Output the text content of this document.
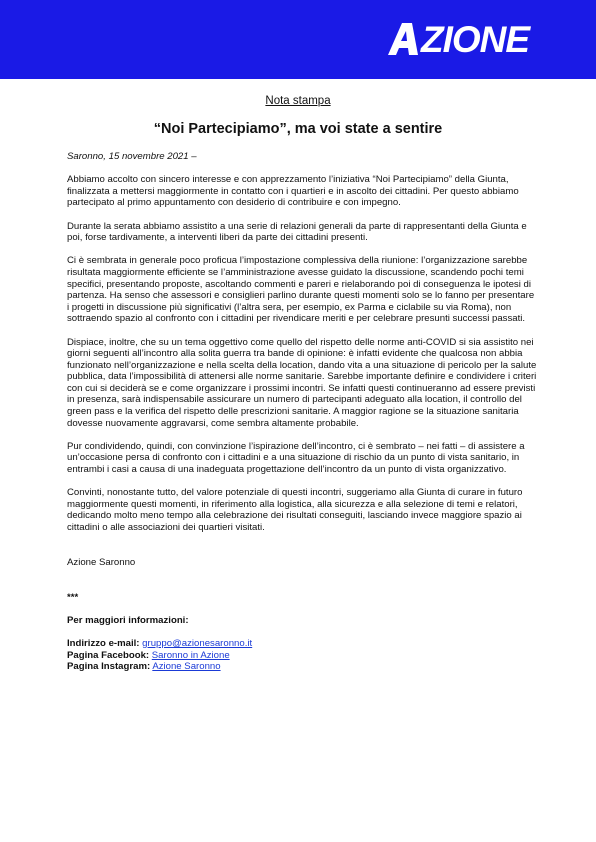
ZIONE
Nota stampa
“Noi Partecipiamo”, ma voi state a sentire

Saronno, 15 novembre 2021 –

Abbiamo accolto con sincero interesse e con apprezzamento l’iniziativa “Noi Partecipiamo” della Giunta, finalizzata a mettersi maggiormente in contatto con i quartieri e in ascolto dei cittadini. Per questo abbiamo partecipato al primo appuntamento con desiderio di contribuire e con impegno.

Durante la serata abbiamo assistito a una serie di relazioni generali da parte di rappresentanti della Giunta e poi, forse tardivamente, a interventi liberi da parte dei cittadini presenti.

Ci è sembrata in generale poco proficua l’impostazione complessiva della riunione: l’organizzazione sarebbe risultata maggiormente efficiente se l’amministrazione avesse guidato la discussione, scandendo pochi temi specifici, presentando proposte, ascoltando commenti e pareri e rielaborando poi di conseguenza le ipotesi di partenza. Ha senso che assessori e consiglieri parlino durante questi momenti solo se lo fanno per presentare i progetti in discussione più significativi (l’altra sera, per esempio, ex Parma e ciclabile su via Roma), non sottraendo spazio al confronto con i cittadini per rivendicare meriti e per celebrare presunti successi passati.

Dispiace, inoltre, che su un tema oggettivo come quello del rispetto delle norme anti-COVID si sia assistito nei giorni seguenti all’incontro alla solita guerra tra bande di opinione: è infatti evidente che qualcosa non abbia funzionato nell’organizzazione e nella scelta della location, dando vita a una situazione di pericolo per la salute pubblica, data l’impossibilità di attenersi alle norme sanitarie. Sarebbe importante definire e condividere i criteri con cui si deciderà se e come organizzare i prossimi incontri. Se infatti questi continueranno ad essere previsti in presenza, sarà indispensabile assicurare un numero di partecipanti adeguato alla location, il controllo del green pass e la verifica del rispetto delle prescrizioni sanitarie. A maggior ragione se la situazione sanitaria dovesse nuovamente aggravarsi, come sembra altamente probabile.

Pur condividendo, quindi, con convinzione l’ispirazione dell’incontro, ci è sembrato – nei fatti – di assistere a un’occasione persa di confronto con i cittadini e a una situazione di rischio da un punto di vista sanitario, in entrambi i casi a causa di una inadeguata progettazione dell’incontro da un punto di vista organizzativo.

Convinti, nonostante tutto, del valore potenziale di questi incontri, suggeriamo alla Giunta di curare in futuro maggiormente questi momenti, in riferimento alla logistica, alla sicurezza e alla selezione di temi e relatori, dedicando molto meno tempo alla celebrazione dei risultati conseguiti, lasciando invece maggiore spazio ai cittadini o alle associazioni dei quartieri visitati.

Azione Saronno

***

Per maggiori informazioni:

Indirizzo e-mail: gruppo@azionesaronno.it
Pagina Facebook: Saronno in Azione
Pagina Instagram: Azione Saronno
